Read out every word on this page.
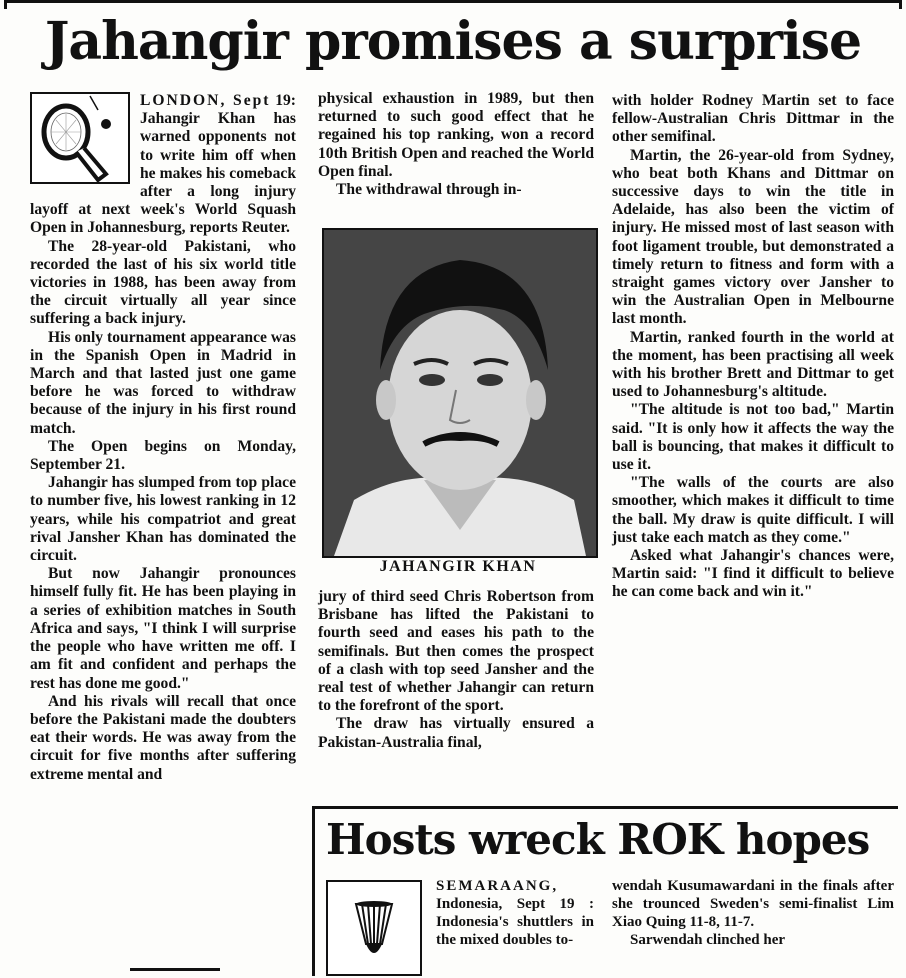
Jahangir promises a surprise

LONDON, Sept 19: Jahangir Khan has warned opponents not to write him off when he makes his comeback after a long injury layoff at next week's World Squash Open in Johannesburg, reports Reuter.

The 28-year-old Pakistani, who recorded the last of his six world title victories in 1988, has been away from the circuit virtually all year since suffering a back injury.

His only tournament appearance was in the Spanish Open in Madrid in March and that lasted just one game before he was forced to withdraw because of the injury in his first round match.

The Open begins on Monday, September 21.

Jahangir has slumped from top place to number five, his lowest ranking in 12 years, while his compatriot and great rival Jansher Khan has dominated the circuit.

But now Jahangir pronounces himself fully fit. He has been playing in a series of exhibition matches in South Africa and says, "I think I will surprise the people who have written me off. I am fit and confident and perhaps the rest has done me good."

And his rivals will recall that once before the Pakistani made the doubters eat their words. He was away from the circuit for five months after suffering extreme mental and

physical exhaustion in 1989, but then returned to such good effect that he regained his top ranking, won a record 10th British Open and reached the World Open final.

The withdrawal through in-

JAHANGIR KHAN

jury of third seed Chris Robertson from Brisbane has lifted the Pakistani to fourth seed and eases his path to the semifinals. But then comes the prospect of a clash with top seed Jansher and the real test of whether Jahangir can return to the forefront of the sport.

The draw has virtually ensured a Pakistan-Australia final,

with holder Rodney Martin set to face fellow-Australian Chris Dittmar in the other semifinal.

Martin, the 26-year-old from Sydney, who beat both Khans and Dittmar on successive days to win the title in Adelaide, has also been the victim of injury. He missed most of last season with foot ligament trouble, but demonstrated a timely return to fitness and form with a straight games victory over Jansher to win the Australian Open in Melbourne last month.

Martin, ranked fourth in the world at the moment, has been practising all week with his brother Brett and Dittmar to get used to Johannesburg's altitude.

"The altitude is not too bad," Martin said. "It is only how it affects the way the ball is bouncing, that makes it difficult to use it.

"The walls of the courts are also smoother, which makes it difficult to time the ball. My draw is quite difficult. I will just take each match as they come."

Asked what Jahangir's chances were, Martin said: "I find it difficult to believe he can come back and win it."

Hosts wreck ROK hopes

SEMARAANG, Indonesia, Sept 19 : Indonesia's shuttlers in the mixed doubles to-

wendah Kusumawardani in the finals after she trounced Sweden's semi-finalist Lim Xiao Quing 11-8, 11-7.

Sarwendah clinched her
